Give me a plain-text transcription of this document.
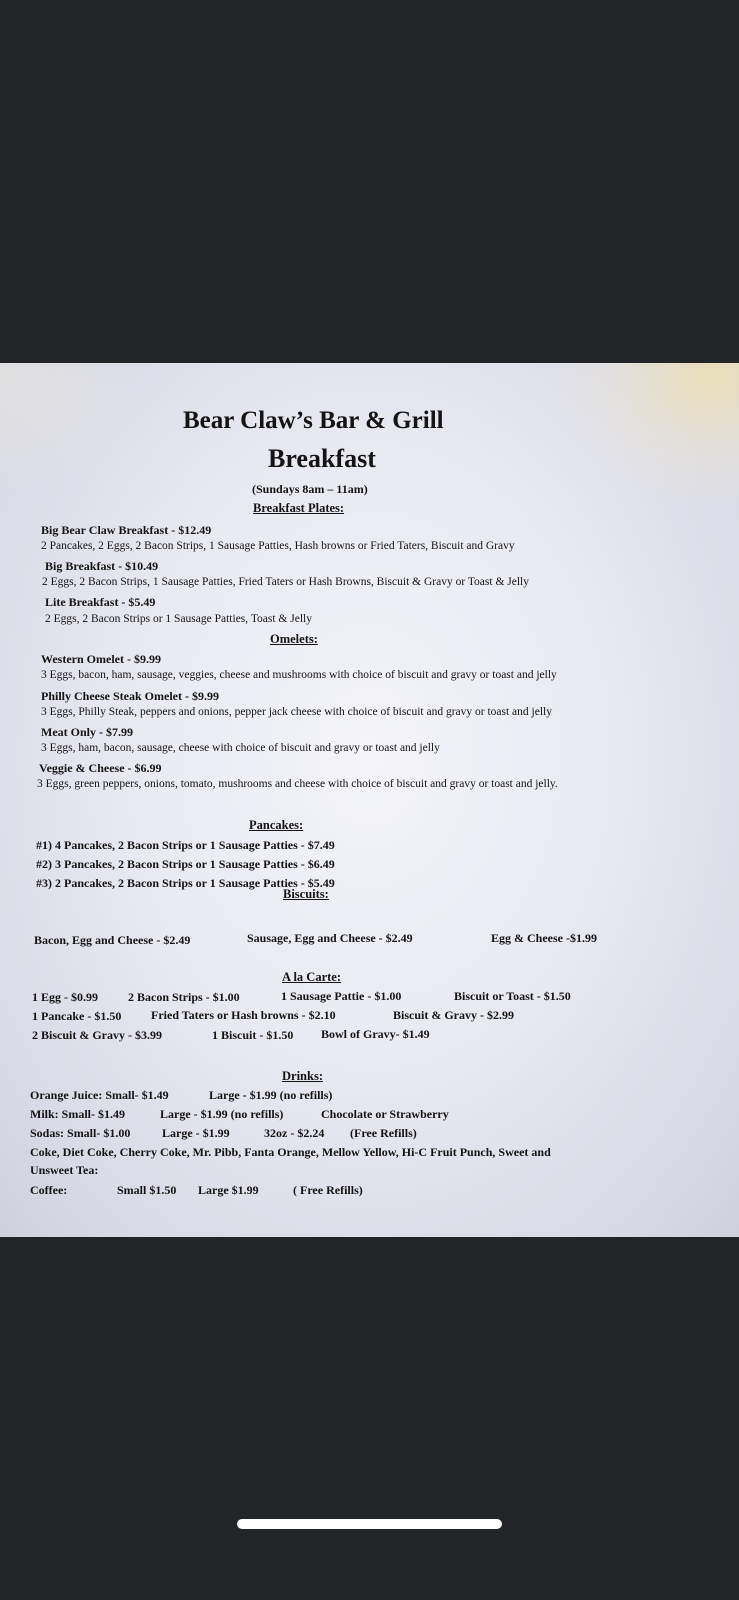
Bear Claw’s Bar & Grill
Breakfast
(Sundays 8am – 11am)
Breakfast Plates:
Big Bear Claw Breakfast - $12.49
2 Pancakes, 2 Eggs, 2 Bacon Strips, 1 Sausage Patties, Hash browns or Fried Taters, Biscuit and Gravy
Big Breakfast - $10.49
2 Eggs, 2 Bacon Strips, 1 Sausage Patties, Fried Taters or Hash Browns, Biscuit & Gravy or Toast & Jelly
Lite Breakfast - $5.49
2 Eggs, 2 Bacon Strips or 1 Sausage Patties, Toast & Jelly
Omelets:
Western Omelet - $9.99
3 Eggs, bacon, ham, sausage, veggies, cheese and mushrooms with choice of biscuit and gravy or toast and jelly
Philly Cheese Steak Omelet - $9.99
3 Eggs, Philly Steak, peppers and onions, pepper jack cheese with choice of biscuit and gravy or toast and jelly
Meat Only - $7.99
3 Eggs, ham, bacon, sausage, cheese with choice of biscuit and gravy or toast and jelly
Veggie & Cheese - $6.99
3 Eggs, green peppers, onions, tomato, mushrooms and cheese with choice of biscuit and gravy or toast and jelly.
Pancakes:
#1) 4 Pancakes, 2 Bacon Strips or 1 Sausage Patties - $7.49
#2) 3 Pancakes, 2 Bacon Strips or 1 Sausage Patties - $6.49
#3) 2 Pancakes, 2 Bacon Strips or 1 Sausage Patties - $5.49
Biscuits:
Bacon, Egg and Cheese - $2.49	Sausage, Egg and Cheese - $2.49	Egg & Cheese -$1.99
A la Carte:
1 Egg - $0.99	2 Bacon Strips - $1.00	1 Sausage Pattie - $1.00	Biscuit or Toast - $1.50
1 Pancake - $1.50 Fried Taters or Hash browns - $2.10	Biscuit & Gravy - $2.99
2 Biscuit & Gravy - $3.99	1 Biscuit - $1.50 Bowl of Gravy- $1.49
Drinks:
Orange Juice: Small- $1.49	Large - $1.99 (no refills)
Milk: Small- $1.49	Large - $1.99 (no refills)	Chocolate or Strawberry
Sodas: Small- $1.00	Large - $1.99	32oz - $2.24 (Free Refills)
Coke, Diet Coke, Cherry Coke, Mr. Pibb, Fanta Orange, Mellow Yellow, Hi-C Fruit Punch, Sweet and
Unsweet Tea:
Coffee:	Small $1.50 Large $1.99	( Free Refills)
